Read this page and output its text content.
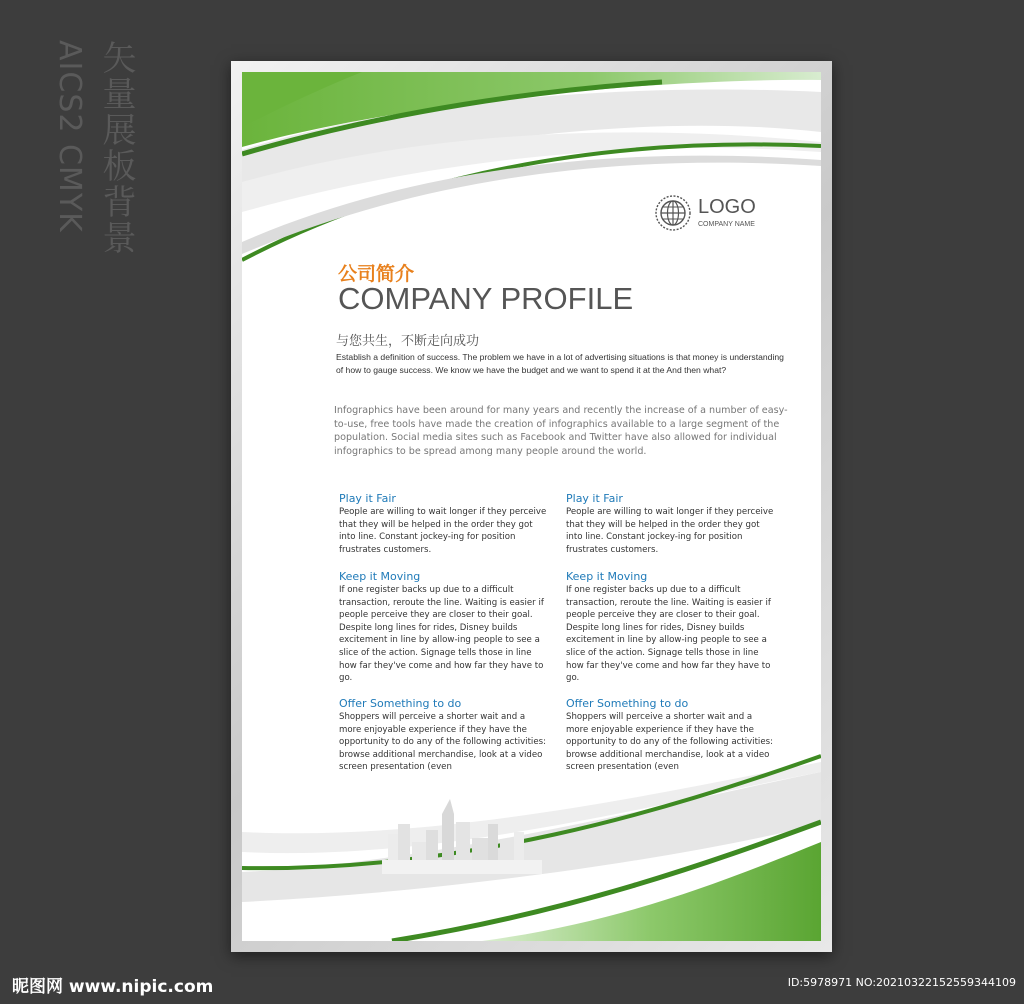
矢量展板背景
AICS2 CMYK	LOGO
COMPANY NAME
公司简介
COMPANY PROFILE
与您共生，不断走向成功
Establish a definition of success. The problem we have in a lot of advertising situations is that money is understanding of how to gauge success. We know we have the budget and we want to spend it at the And then what?
Infographics have been around for many years and recently the increase of a number of easy-to-use, free tools have made the creation of infographics available to a large segment of the population. Social media sites such as Facebook and Twitter have also allowed for individual infographics to be spread among many people around the world.
Play it Fair

People are willing to wait longer if they perceive that they will be helped in the order they got into line. Constant jockey-ing for position frustrates customers.

Keep it Moving

If one register backs up due to a difficult transaction, reroute the line. Waiting is easier if people perceive they are closer to their goal. Despite long lines for rides, Disney builds excitement in line by allow-ing people to see a slice of the action. Signage tells those in line how far they've come and how far they have to go.

Offer Something to do

Shoppers will perceive a shorter wait and a more enjoyable experience if they have the opportunity to do any of the following activities: browse additional merchandise, look at a video screen presentation (even

Play it Fair

People are willing to wait longer if they perceive that they will be helped in the order they got into line. Constant jockey-ing for position frustrates customers.

Keep it Moving

If one register backs up due to a difficult transaction, reroute the line. Waiting is easier if people perceive they are closer to their goal. Despite long lines for rides, Disney builds excitement in line by allow-ing people to see a slice of the action. Signage tells those in line how far they've come and how far they have to go.

Offer Something to do

Shoppers will perceive a shorter wait and a more enjoyable experience if they have the opportunity to do any of the following activities: browse additional merchandise, look at a video screen presentation (even

昵图网 www.nipic.com	ID:5978971 NO:20210322152559344109
